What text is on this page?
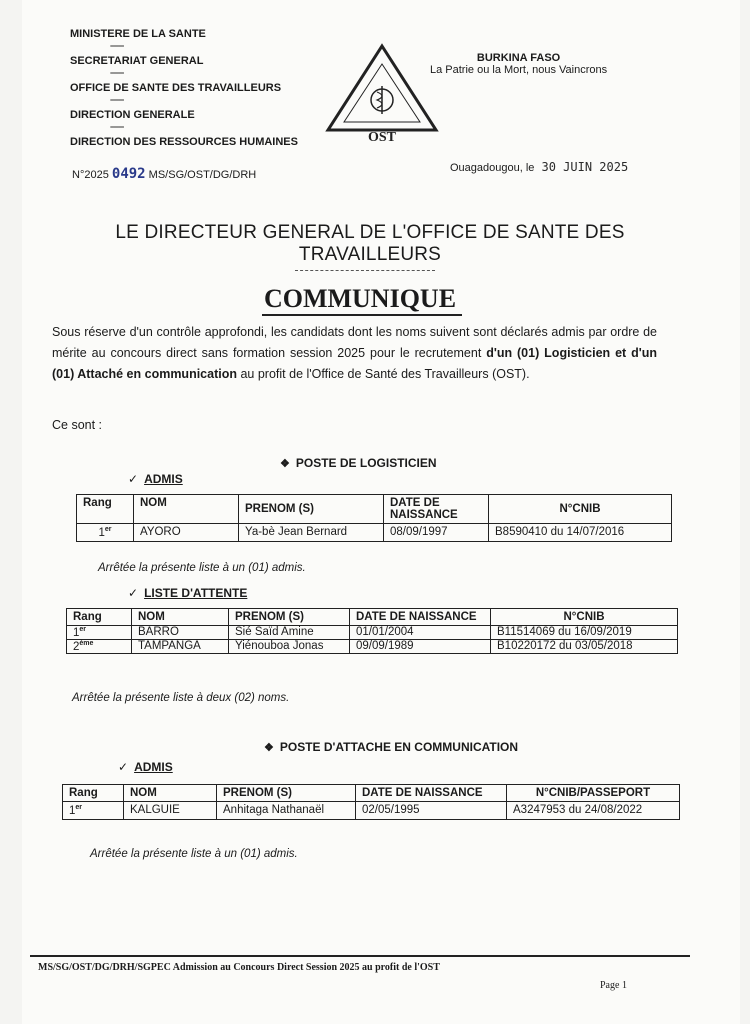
MINISTERE DE LA SANTE
--------
SECRETARIAT GENERAL
--------
OFFICE DE SANTE DES TRAVAILLEURS
--------
DIRECTION GENERALE
--------
DIRECTION DES RESSOURCES HUMAINES	OST
BURKINA FASO
La Patrie ou la Mort, nous Vaincrons
N°2025 0492 MS/SG/OST/DG/DRH
Ouagadougou, le 30 JUIN 2025
LE DIRECTEUR GENERAL DE L'OFFICE DE SANTE DES TRAVAILLEURS
COMMUNIQUE
Sous réserve d'un contrôle approfondi, les candidats dont les noms suivent sont déclarés admis par ordre de mérite au concours direct sans formation session 2025 pour le recrutement d'un (01) Logisticien et d'un (01) Attaché en communication au profit de l'Office de Santé des Travailleurs (OST).
Ce sont :
❖ POSTE DE LOGISTICIEN
✓ ADMIS
Rang	NOM	PRENOM (S)	DATE DE NAISSANCE	N°CNIB
1er	AYORO	Ya-bè Jean Bernard	08/09/1997	B8590410 du 14/07/2016
Arrêtée la présente liste à un (01) admis.
✓ LISTE D'ATTENTE
Rang	NOM	PRENOM (S)	DATE DE NAISSANCE	N°CNIB
1er	BARRO	Sié Saïd Amine	01/01/2004	B11514069 du 16/09/2019
2ème	TAMPANGA	Yiénouboa Jonas	09/09/1989	B10220172 du 03/05/2018
Arrêtée la présente liste à deux (02) noms.
❖ POSTE D'ATTACHE EN COMMUNICATION
✓ ADMIS
Rang	NOM	PRENOM (S)	DATE DE NAISSANCE	N°CNIB/PASSEPORT
1er	KALGUIE	Anhitaga Nathanaël	02/05/1995	A3247953 du 24/08/2022
Arrêtée la présente liste à un (01) admis.
MS/SG/OST/DG/DRH/SGPEC Admission au Concours Direct Session 2025 au profit de l'OST
Page 1
